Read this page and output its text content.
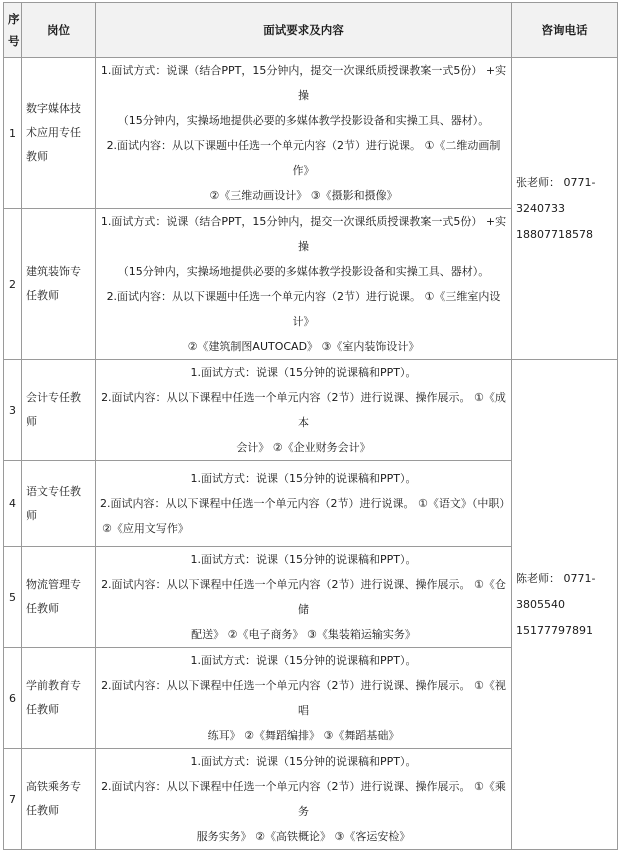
序号	岗位	面试要求及内容	咨询电话
1	数字媒体技术应用专任教师	1.面试方式：说课（结合PPT，15分钟内，提交一次课纸质授课教案一式5份） +实操
（15分钟内，实操场地提供必要的多媒体教学投影设备和实操工具、器材）。
2.面试内容：从以下课题中任选一个单元内容（2节）进行说课。 ①《二维动画制作》
②《三维动画设计》 ③《摄影和摄像》	张老师： 0771-
3240733
18807718578

2	建筑装饰专任教师	1.面试方式：说课（结合PPT，15分钟内，提交一次课纸质授课教案一式5份） +实操
（15分钟内，实操场地提供必要的多媒体教学投影设备和实操工具、器材）。
2.面试内容：从以下课题中任选一个单元内容（2节）进行说课。 ①《三维室内设计》
②《建筑制图AUTOCAD》 ③《室内装饰设计》	

3	会计专任教师	1.面试方式：说课（15分钟的说课稿和PPT）。
2.面试内容：从以下课程中任选一个单元内容（2节）进行说课、操作展示。 ①《成本
会计》 ②《企业财务会计》	陈老师： 0771-
3805540
15177797891

4	语文专任教师	1.面试方式：说课（15分钟的说课稿和PPT）。
2.面试内容：从以下课程中任选一个单元内容（2节）进行说课。 ①《语文》（中职）
②《应用文写作》	

5	物流管理专任教师	1.面试方式：说课（15分钟的说课稿和PPT）。
2.面试内容：从以下课程中任选一个单元内容（2节）进行说课、操作展示。 ①《仓储
配送》 ②《电子商务》 ③《集装箱运输实务》	

6	学前教育专任教师	1.面试方式：说课（15分钟的说课稿和PPT）。
2.面试内容：从以下课程中任选一个单元内容（2节）进行说课、操作展示。 ①《视唱
练耳》 ②《舞蹈编排》 ③《舞蹈基础》	

7	高铁乘务专任教师	1.面试方式：说课（15分钟的说课稿和PPT）。
2.面试内容：从以下课程中任选一个单元内容（2节）进行说课、操作展示。 ①《乘务
服务实务》 ②《高铁概论》 ③《客运安检》	
